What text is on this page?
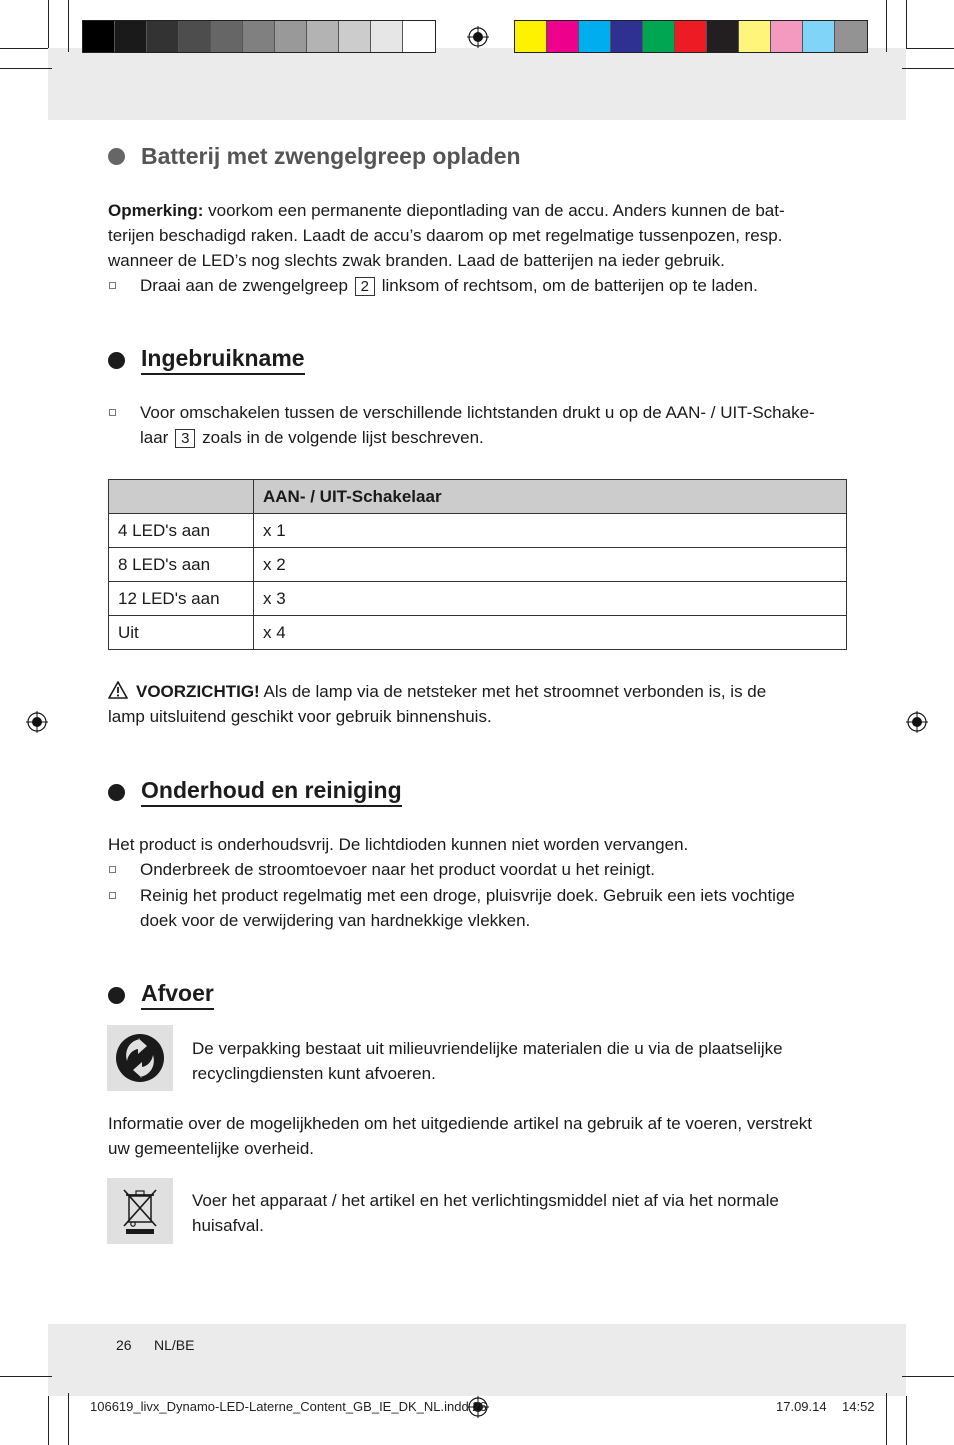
Batterij met zwengelgreep opladen
Opmerking: voorkom een permanente diepontlading van de accu. Anders kunnen de bat-
terijen beschadigd raken. Laadt de accu’s daarom op met regelmatige tussenpozen, resp.
wanneer de LED’s nog slechts zwak branden. Laad de batterijen na ieder gebruik.
Draai aan de zwengelgreep 2 linksom of rechtsom, om de batterijen op te laden.
Ingebruikname
Voor omschakelen tussen de verschillende lichtstanden drukt u op de AAN- / UIT-Schake-
laar 3 zoals in de volgende lijst beschreven.
	AAN- / UIT-Schakelaar
4 LED's aan	x 1
8 LED's aan	x 2
12 LED's aan	x 3
Uit	x 4
VOORZICHTIG! Als de lamp via de netsteker met het stroomnet verbonden is, is de
lamp uitsluitend geschikt voor gebruik binnenshuis.
Onderhoud en reiniging
Het product is onderhoudsvrij. De lichtdioden kunnen niet worden vervangen.
Onderbreek de stroomtoevoer naar het product voordat u het reinigt.
Reinig het product regelmatig met een droge, pluisvrije doek. Gebruik een iets vochtige
doek voor de verwijdering van hardnekkige vlekken.
Afvoer
De verpakking bestaat uit milieuvriendelijke materialen die u via de plaatselijke
recyclingdiensten kunt afvoeren.
Informatie over de mogelijkheden om het uitgediende artikel na gebruik af te voeren, verstrekt
uw gemeentelijke overheid.
Voer het apparaat / het artikel en het verlichtingsmiddel niet af via het normale
huisafval.
26 NL/BE
106619_livx_Dynamo-LED-Laterne_Content_GB_IE_DK_NL.indd 26	17.09.14 14:52
